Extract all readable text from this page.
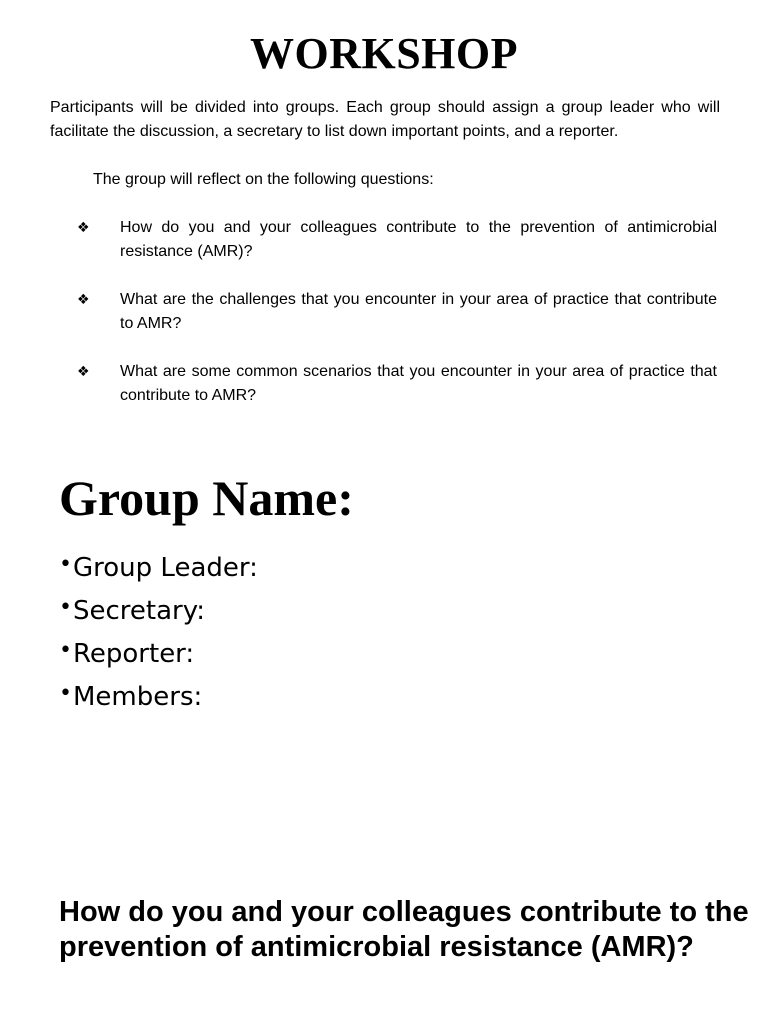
WORKSHOP

Participants will be divided into groups. Each group should assign a group leader who will facilitate the discussion, a secretary to list down important points, and a reporter.

The group will reflect on the following questions:

❖ How do you and your colleagues contribute to the prevention of antimicrobial resistance (AMR)?
❖ What are the challenges that you encounter in your area of practice that contribute to AMR?
❖ What are some common scenarios that you encounter in your area of practice that contribute to AMR?
Group Name:
•Group Leader:
•Secretary:
•Reporter:
•Members:
How do you and your colleagues contribute to the prevention of antimicrobial resistance (AMR)?
